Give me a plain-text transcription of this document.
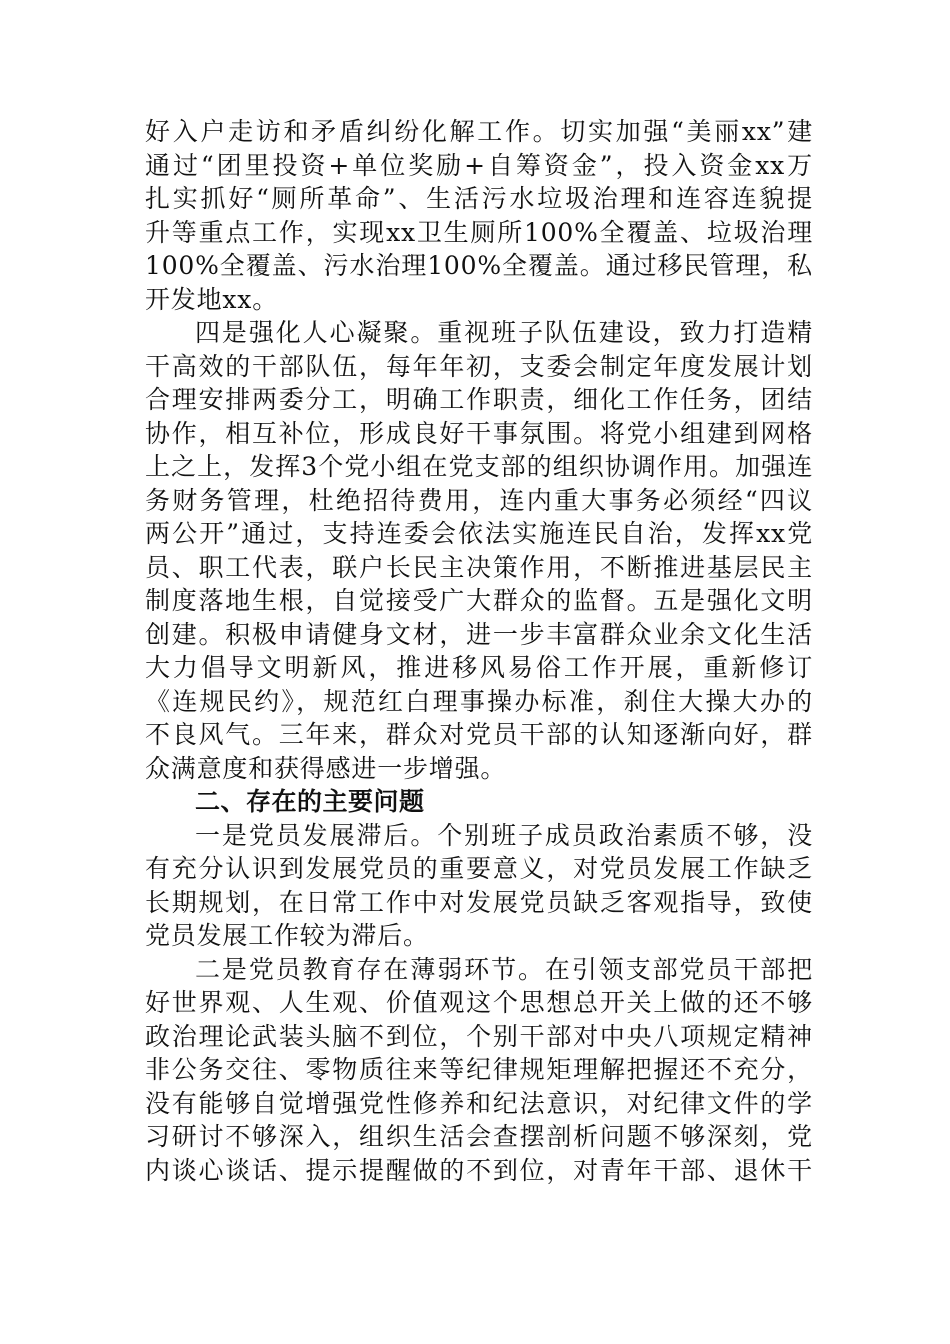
好入户走访和矛盾纠纷化解工作。切实加强“美丽xx”建
通过“团里投资+单位奖励+自筹资金”，投入资金xx万
扎实抓好“厕所革命”、生活污水垃圾治理和连容连貌提
升等重点工作，实现xx卫生厕所100%全覆盖、垃圾治理
100%全覆盖、污水治理100%全覆盖。通过移民管理，私
开发地xx。
四是强化人心凝聚。重视班子队伍建设，致力打造精
干高效的干部队伍，每年年初，支委会制定年度发展计划
合理安排两委分工，明确工作职责，细化工作任务，团结
协作，相互补位，形成良好干事氛围。将党小组建到网格
上之上，发挥3个党小组在党支部的组织协调作用。加强连
务财务管理，杜绝招待费用，连内重大事务必须经“四议
两公开”通过，支持连委会依法实施连民自治，发挥xx党
员、职工代表，联户长民主决策作用，不断推进基层民主
制度落地生根，自觉接受广大群众的监督。五是强化文明
创建。积极申请健身文材，进一步丰富群众业余文化生活
大力倡导文明新风，推进移风易俗工作开展，重新修订
《连规民约》，规范红白理事操办标准，刹住大操大办的
不良风气。三年来，群众对党员干部的认知逐渐向好，群
众满意度和获得感进一步增强。
二、存在的主要问题
一是党员发展滞后。个别班子成员政治素质不够，没
有充分认识到发展党员的重要意义，对党员发展工作缺乏
长期规划，在日常工作中对发展党员缺乏客观指导，致使
党员发展工作较为滞后。
二是党员教育存在薄弱环节。在引领支部党员干部把
好世界观、人生观、价值观这个思想总开关上做的还不够
政治理论武装头脑不到位，个别干部对中央八项规定精神
非公务交往、零物质往来等纪律规矩理解把握还不充分，
没有能够自觉增强党性修养和纪法意识，对纪律文件的学
习研讨不够深入，组织生活会查摆剖析问题不够深刻，党
内谈心谈话、提示提醒做的不到位，对青年干部、退休干
